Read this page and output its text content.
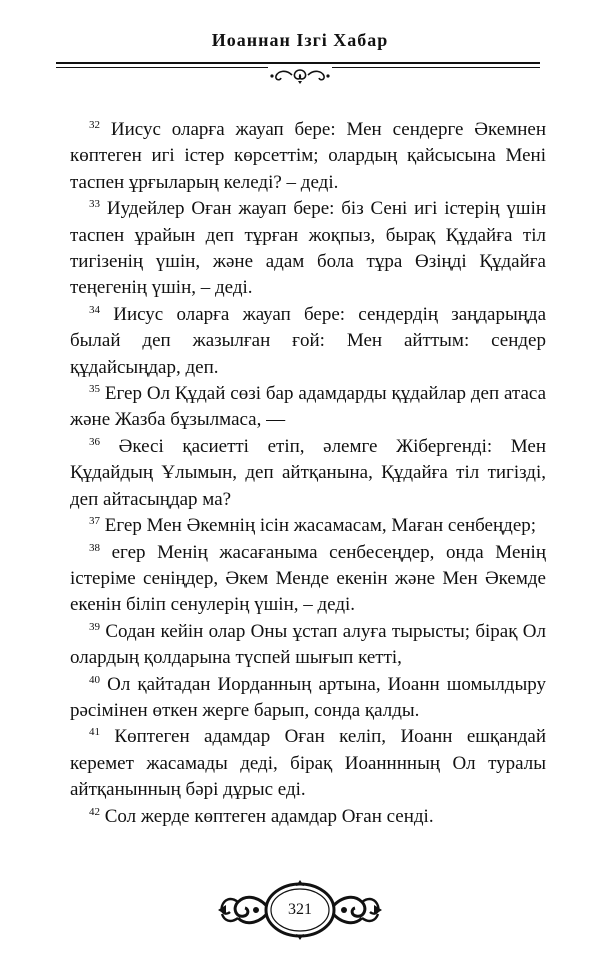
Иоаннан Ізгі Хабар

 $^{32}$ Иисус оларға жауап бере: Мен сендерге Әкемнен көптеген игі істер көрсеттім; олардың қайсысына Мені таспен ұрғыларың келеді? – деді.

 $^{33}$ Иудейлер Оған жауап бере: біз Сені игі істерің үшін таспен ұрайын деп тұрған жоқпыз, бырақ Құдайға тіл тигізенің үшін, және адам бола тұра Өзіңді Құдайға теңегенің үшін, – деді.

 $^{34}$ Иисус оларға жауап бере: сендердің заңдарыңда былай деп жазылған ғой: Мен айттым: сендер құдайсыңдар, деп.

 $^{35}$ Егер Ол Құдай сөзі бар адамдарды құдайлар деп атаса және Жазба бұзылмаса, —

 $^{36}$ Әкесі қасиетті етіп, әлемге Жібергенді: Мен Құдайдың Ұлымын, деп айтқанына, Құдайға тіл тигізді, деп айтасыңдар ма?

 $^{37}$ Егер Мен Әкемнің ісін жасамасам, Маған сенбеңдер;

 $^{38}$ егер Менің жасағаныма сенбесеңдер, онда Менің істеріме сеніңдер, Әкем Менде екенін және Мен Әкемде екенін біліп сенулерің үшін, – деді.

 $^{39}$ Содан кейін олар Оны ұстап алуға тырысты; бірақ Ол олардың қолдарына түспей шығып кетті,

 $^{40}$ Ол қайтадан Иорданның артына, Иоанн шомылдыру рәсімінен өткен жерге барып, сонда қалды.

 $^{41}$ Көптеген адамдар Оған келіп, Иоанн ешқандай керемет жасамады деді, бірақ Иоанннның Ол туралы айтқанынның бәрі дұрыс еді.

 $^{42}$ Сол жерде көптеген адамдар Оған сенді.

321
